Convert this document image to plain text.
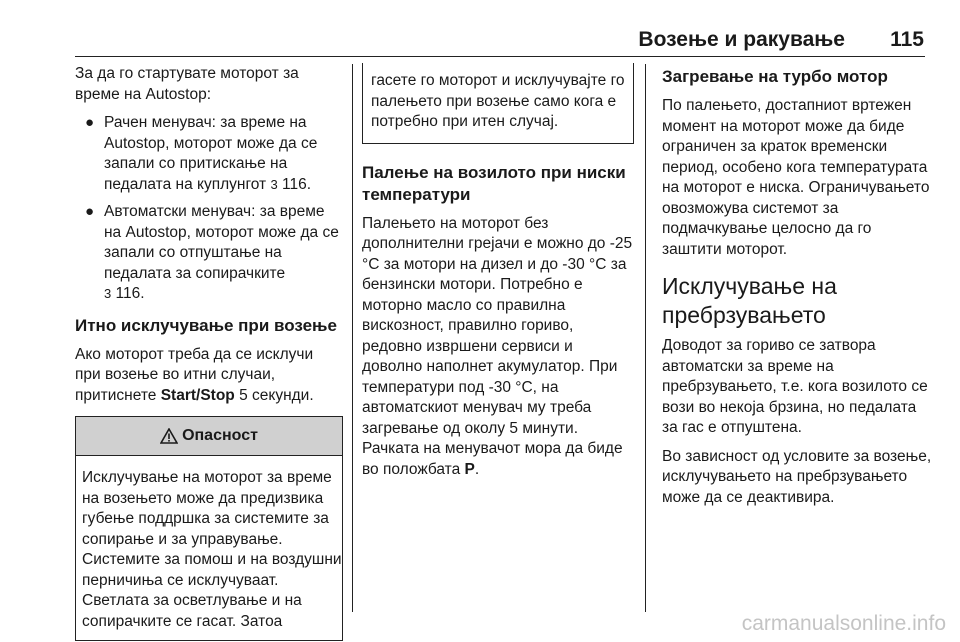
Возење и ракување 115

За да го стартувате моторот за време на Autostop:

● Рачен менувач: за време на Autostop, моторот може да се запали со притискање на педалата на куплунгот 3 116.
● Автоматски менувач: за време на Autostop, моторот може да се запали со отпуштање на педалата за сопирачките
3 116.
Итно исклучување при возење

Ако моторот треба да се исклучи при возење во итни случаи, притиснете Start/Stop 5 секунди.

Опасност
Исклучување на моторот за време на возењето може да предизвика губење поддршка за системите за сопирање и за управување. Системите за помош и на воздушни перничиња се исклучуваат. Светлата за осветлување и на сопирачките се гасат. Затоа
гасете го моторот и исклучувајте го палењето при возење само кога е потребно при итен случај.
Палење на возилото при ниски температури

Палењето на моторот без дополнителни грејачи е можно до -25 °C за мотори на дизел и до -30 °C за бензински мотори. Потребно е моторно масло со правилна вискозност, правилно гориво, редовно извршени сервиси и доволно наполнет акумулатор. При температури под -30 °C, на автоматскиот менувач му треба загревање од околу 5 минути. Рачката на менувачот мора да биде во положбата P.

Загревање на турбо мотор

По палењето, достапниот вртежен момент на моторот може да биде ограничен за краток временски период, особено кога температурата на моторот е ниска. Ограничувањето овозможува системот за подмачкување целосно да го заштити моторот.

Исклучување на пребрзувањето

Доводот за гориво се затвора автоматски за време на пребрзувањето, т.е. кога возилото се вози во некоја брзина, но педалата за гас е отпуштена.

Во зависност од условите за возење, исклучувањето на пребрзувањето може да се деактивира.

carmanualsonline.info
